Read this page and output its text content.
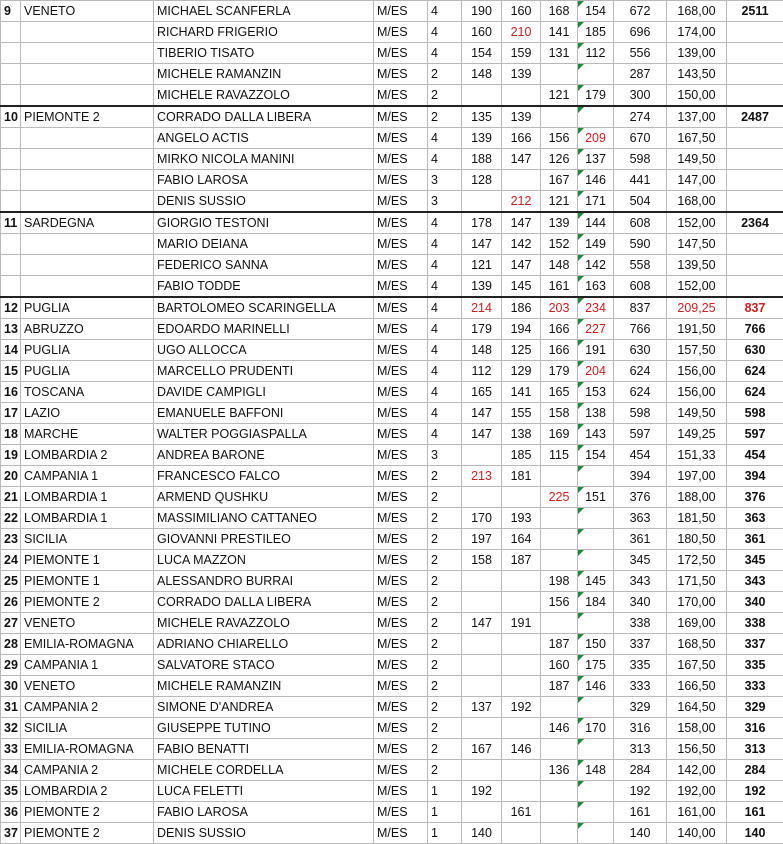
9	VENETO	MICHAEL SCANFERLA	M/ES	4	190	160	168	154	672	168,00	2511
		RICHARD FRIGERIO	M/ES	4	160	210	141	185	696	174,00	
		TIBERIO TISATO	M/ES	4	154	159	131	112	556	139,00	
		MICHELE RAMANZIN	M/ES	2	148	139			287	143,50	
		MICHELE RAVAZZOLO	M/ES	2			121	179	300	150,00	
10	PIEMONTE 2	CORRADO DALLA LIBERA	M/ES	2	135	139			274	137,00	2487
		ANGELO ACTIS	M/ES	4	139	166	156	209	670	167,50	
		MIRKO NICOLA MANINI	M/ES	4	188	147	126	137	598	149,50	
		FABIO LAROSA	M/ES	3	128		167	146	441	147,00	
		DENIS SUSSIO	M/ES	3		212	121	171	504	168,00	
11	SARDEGNA	GIORGIO TESTONI	M/ES	4	178	147	139	144	608	152,00	2364
		MARIO DEIANA	M/ES	4	147	142	152	149	590	147,50	
		FEDERICO SANNA	M/ES	4	121	147	148	142	558	139,50	
		FABIO TODDE	M/ES	4	139	145	161	163	608	152,00	
12	PUGLIA	BARTOLOMEO SCARINGELLA	M/ES	4	214	186	203	234	837	209,25	837
13	ABRUZZO	EDOARDO MARINELLI	M/ES	4	179	194	166	227	766	191,50	766
14	PUGLIA	UGO ALLOCCA	M/ES	4	148	125	166	191	630	157,50	630
15	PUGLIA	MARCELLO PRUDENTI	M/ES	4	112	129	179	204	624	156,00	624
16	TOSCANA	DAVIDE CAMPIGLI	M/ES	4	165	141	165	153	624	156,00	624
17	LAZIO	EMANUELE BAFFONI	M/ES	4	147	155	158	138	598	149,50	598
18	MARCHE	WALTER POGGIASPALLA	M/ES	4	147	138	169	143	597	149,25	597
19	LOMBARDIA 2	ANDREA BARONE	M/ES	3		185	115	154	454	151,33	454
20	CAMPANIA 1	FRANCESCO FALCO	M/ES	2	213	181			394	197,00	394
21	LOMBARDIA 1	ARMEND QUSHKU	M/ES	2			225	151	376	188,00	376
22	LOMBARDIA 1	MASSIMILIANO CATTANEO	M/ES	2	170	193			363	181,50	363
23	SICILIA	GIOVANNI PRESTILEO	M/ES	2	197	164			361	180,50	361
24	PIEMONTE 1	LUCA MAZZON	M/ES	2	158	187			345	172,50	345
25	PIEMONTE 1	ALESSANDRO BURRAI	M/ES	2			198	145	343	171,50	343
26	PIEMONTE 2	CORRADO DALLA LIBERA	M/ES	2			156	184	340	170,00	340
27	VENETO	MICHELE RAVAZZOLO	M/ES	2	147	191			338	169,00	338
28	EMILIA-ROMAGNA	ADRIANO CHIARELLO	M/ES	2			187	150	337	168,50	337
29	CAMPANIA 1	SALVATORE STACO	M/ES	2			160	175	335	167,50	335
30	VENETO	MICHELE RAMANZIN	M/ES	2			187	146	333	166,50	333
31	CAMPANIA 2	SIMONE D'ANDREA	M/ES	2	137	192			329	164,50	329
32	SICILIA	GIUSEPPE TUTINO	M/ES	2			146	170	316	158,00	316
33	EMILIA-ROMAGNA	FABIO BENATTI	M/ES	2	167	146			313	156,50	313
34	CAMPANIA 2	MICHELE CORDELLA	M/ES	2			136	148	284	142,00	284
35	LOMBARDIA 2	LUCA FELETTI	M/ES	1	192				192	192,00	192
36	PIEMONTE 2	FABIO LAROSA	M/ES	1		161			161	161,00	161
37	PIEMONTE 2	DENIS SUSSIO	M/ES	1	140				140	140,00	140
